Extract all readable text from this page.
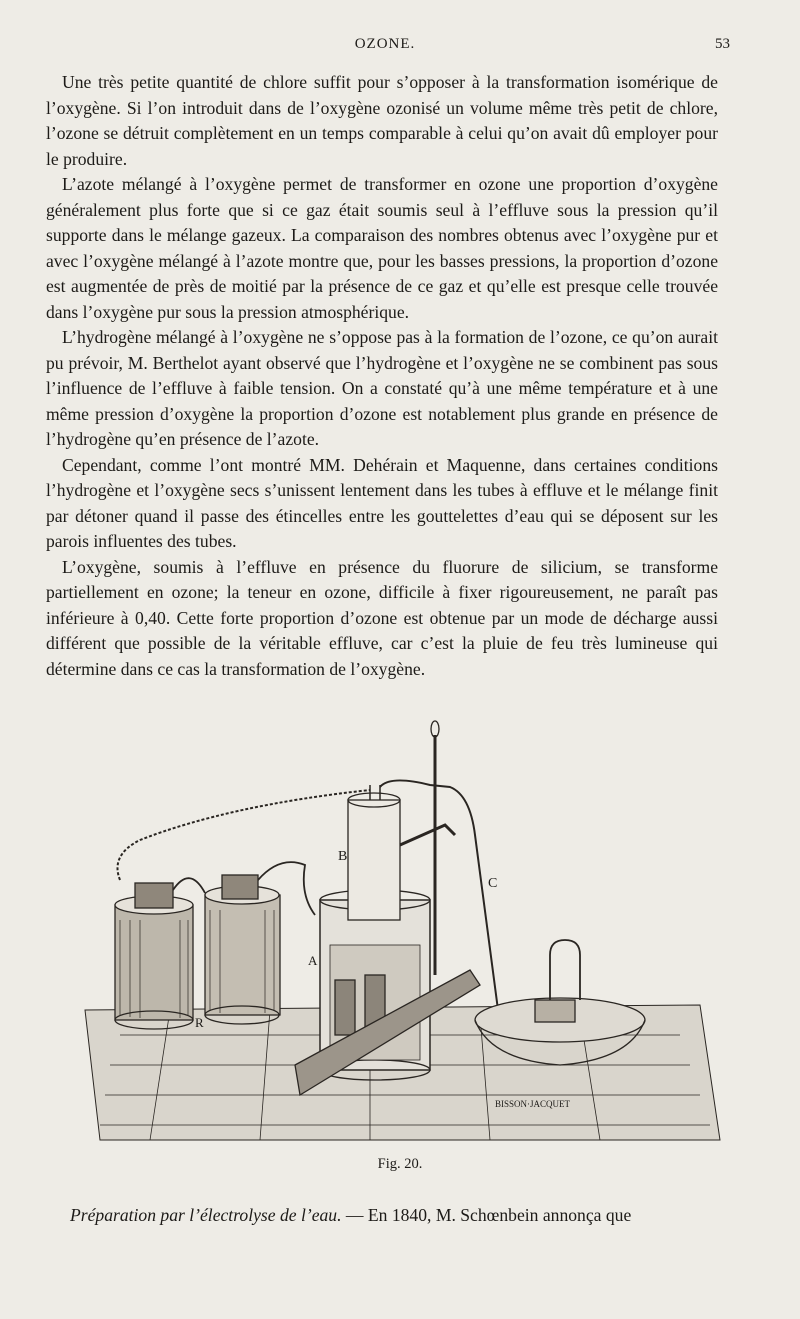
OZONE.	53

Une très petite quantité de chlore suffit pour s’opposer à la transformation isomérique de l’oxygène. Si l’on introduit dans de l’oxygène ozonisé un volume même très petit de chlore, l’ozone se détruit complètement en un temps comparable à celui qu’on avait dû employer pour le produire.

L’azote mélangé à l’oxygène permet de transformer en ozone une proportion d’oxygène généralement plus forte que si ce gaz était soumis seul à l’effluve sous la pression qu’il supporte dans le mélange gazeux. La comparaison des nombres obtenus avec l’oxygène pur et avec l’oxygène mélangé à l’azote montre que, pour les basses pressions, la proportion d’ozone est augmentée de près de moitié par la présence de ce gaz et qu’elle est presque celle trouvée dans l’oxygène pur sous la pression atmosphérique.

L’hydrogène mélangé à l’oxygène ne s’oppose pas à la formation de l’ozone, ce qu’on aurait pu prévoir, M. Berthelot ayant observé que l’hydrogène et l’oxygène ne se combinent pas sous l’influence de l’effluve à faible tension. On a constaté qu’à une même température et à une même pression d’oxygène la proportion d’ozone est notablement plus grande en présence de l’hydrogène qu’en présence de l’azote.

Cependant, comme l’ont montré MM. Dehérain et Maquenne, dans certaines conditions l’hydrogène et l’oxygène secs s’unissent lentement dans les tubes à effluve et le mélange finit par détoner quand il passe des étincelles entre les gouttelettes d’eau qui se déposent sur les parois influentes des tubes.

L’oxygène, soumis à l’effluve en présence du fluorure de silicium, se transforme partiellement en ozone; la teneur en ozone, difficile à fixer rigoureusement, ne paraît pas inférieure à 0,40. Cette forte proportion d’ozone est obtenue par un mode de décharge aussi différent que possible de la véritable effluve, car c’est la pluie de feu très lumineuse qui détermine dans ce cas la transformation de l’oxygène.

B
C
A
R
BISSON·JACQUET
Fig. 20.
Préparation par l’électrolyse de l’eau. — En 1840, M. Schœnbein annonça que
